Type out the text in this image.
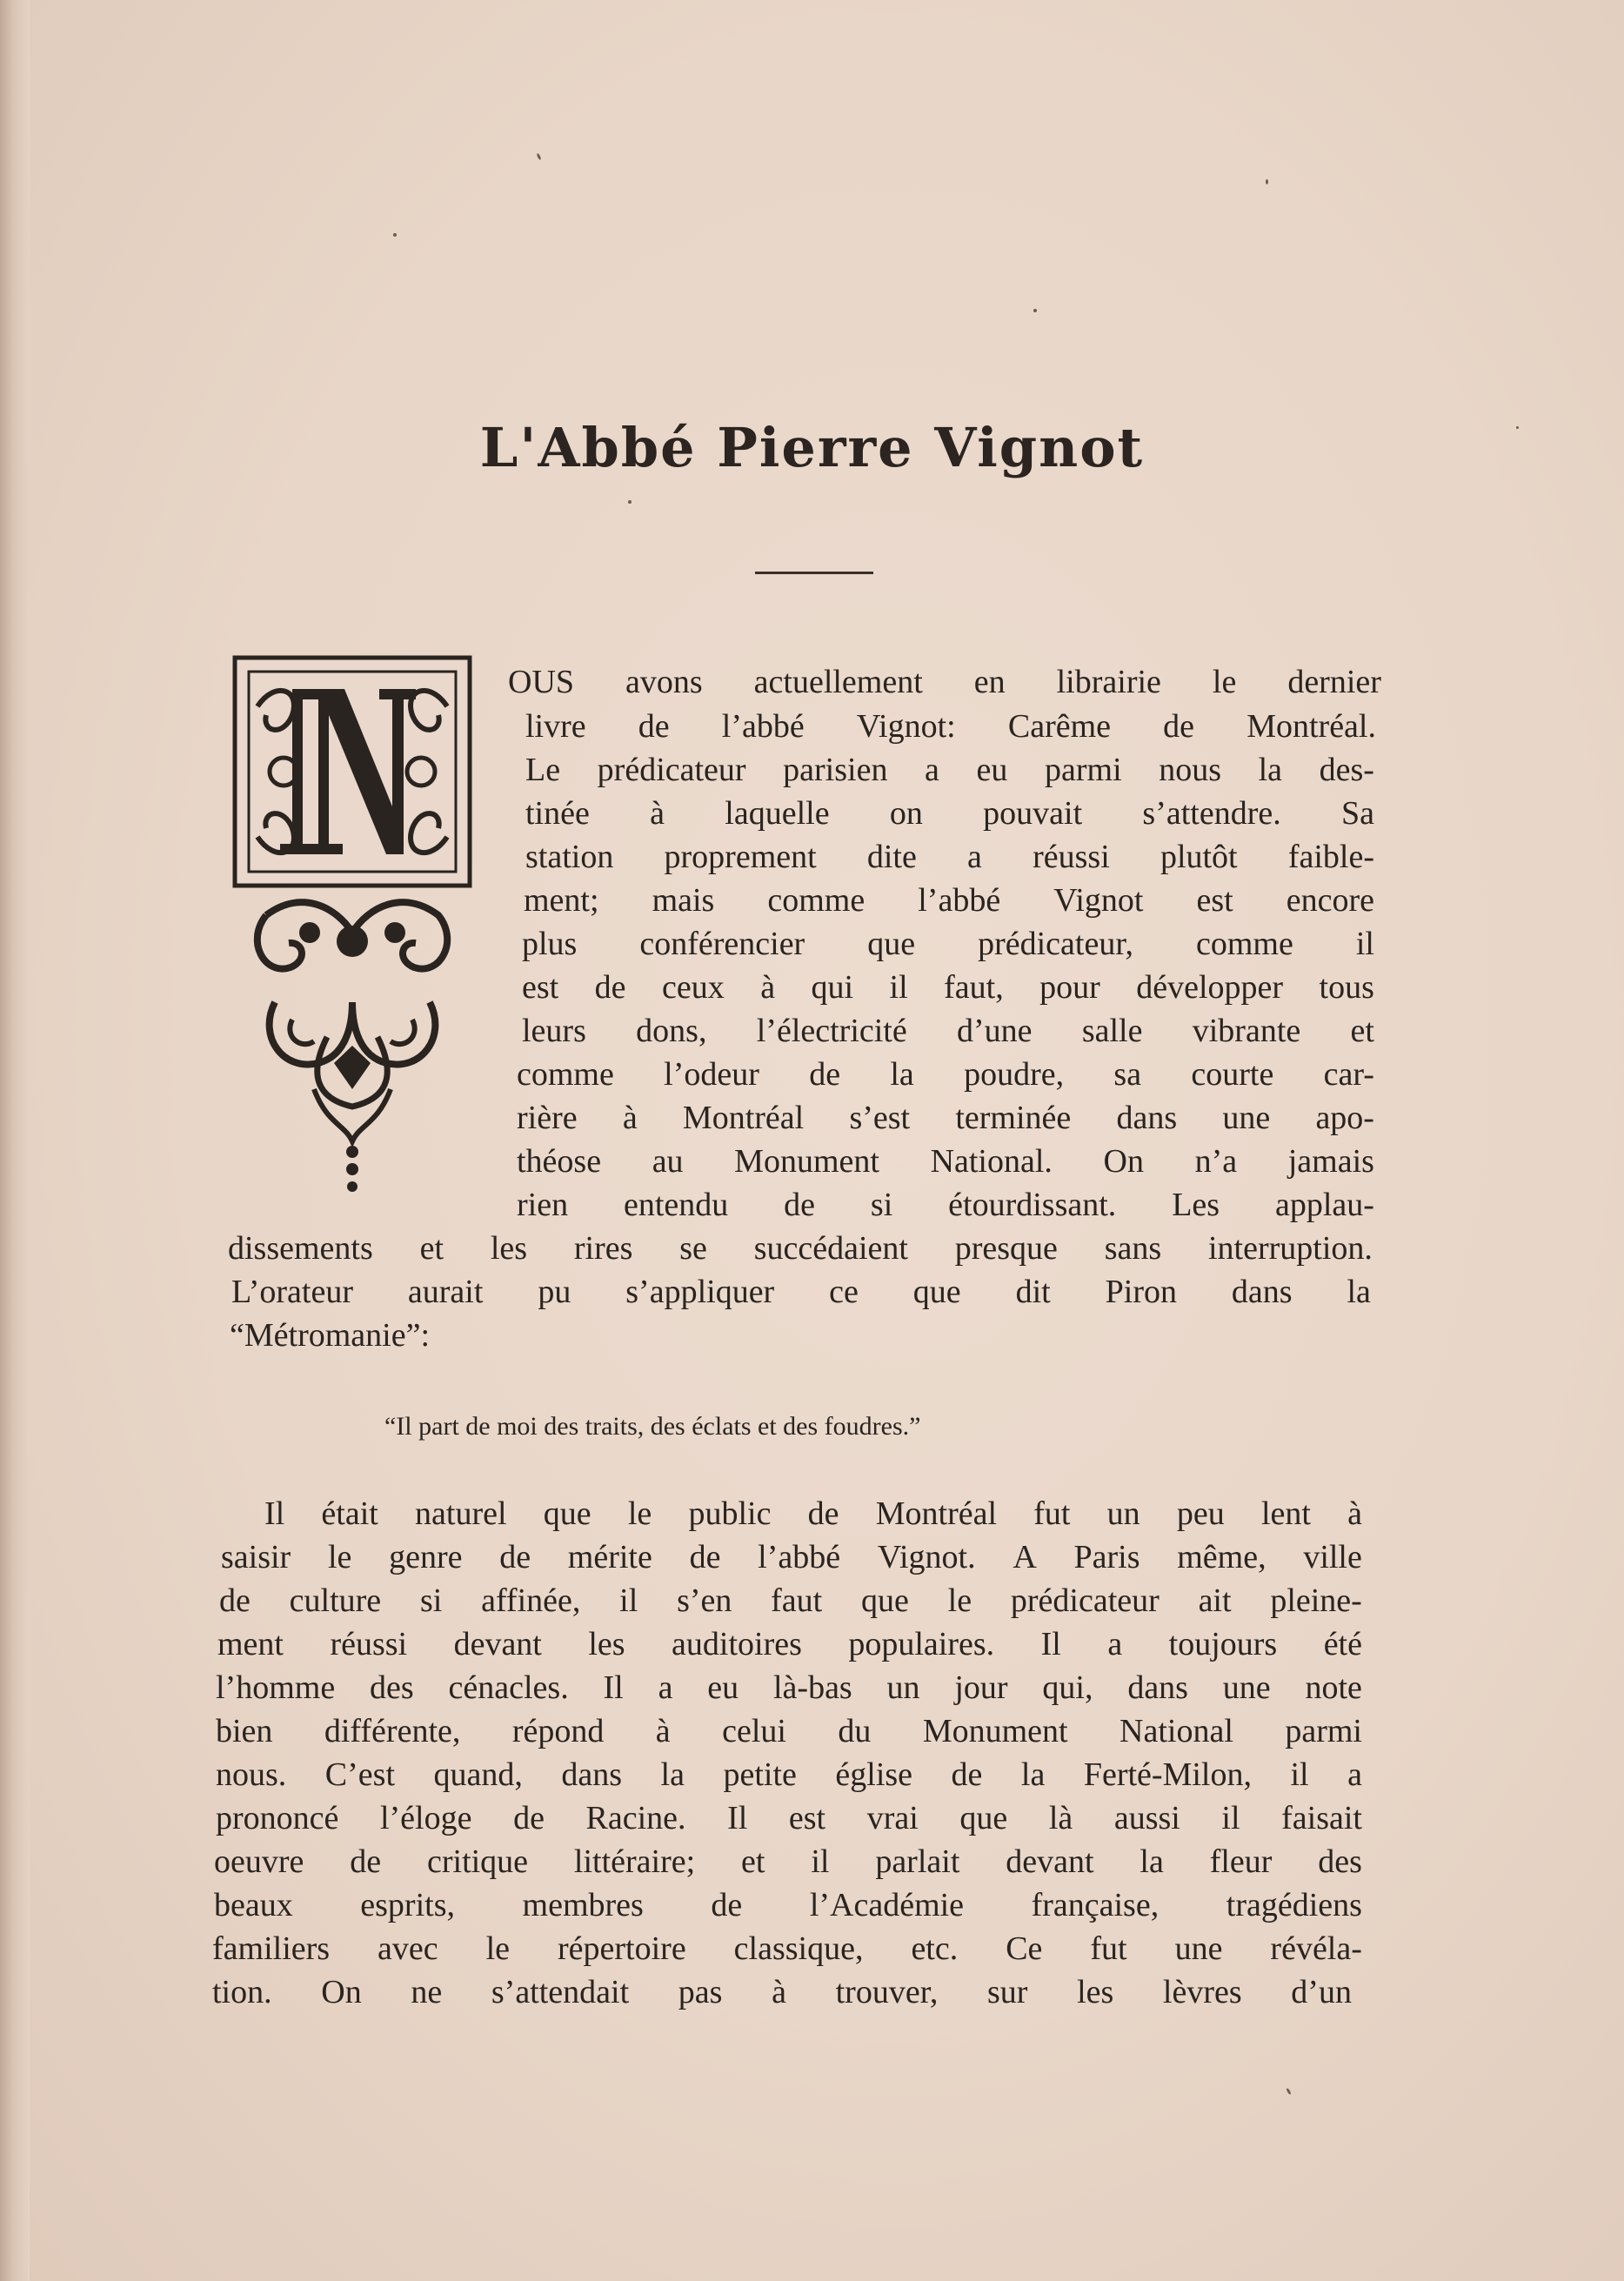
L'Abbé Pierre Vignot
OUS avons actuellement en librairie le dernier
livre de l’abbé Vignot: Carême de Montréal.
Le prédicateur parisien a eu parmi nous la des-
tinée à laquelle on pouvait s’attendre. Sa
station proprement dite a réussi plutôt faible-
ment; mais comme l’abbé Vignot est encore
plus conférencier que prédicateur, comme il
est de ceux à qui il faut, pour développer tous
leurs dons, l’électricité d’une salle vibrante et
comme l’odeur de la poudre, sa courte car-
rière à Montréal s’est terminée dans une apo-
théose au Monument National. On n’a jamais
rien entendu de si étourdissant. Les applau-
dissements et les rires se succédaient presque sans interruption.
L’orateur aurait pu s’appliquer ce que dit Piron dans la
“Métromanie”:
“Il part de moi des traits, des éclats et des foudres.”
Il était naturel que le public de Montréal fut un peu lent à
saisir le genre de mérite de l’abbé Vignot. A Paris même, ville
de culture si affinée, il s’en faut que le prédicateur ait pleine-
ment réussi devant les auditoires populaires. Il a toujours été
l’homme des cénacles. Il a eu là-bas un jour qui, dans une note
bien différente, répond à celui du Monument National parmi
nous. C’est quand, dans la petite église de la Ferté-Milon, il a
prononcé l’éloge de Racine. Il est vrai que là aussi il faisait
oeuvre de critique littéraire; et il parlait devant la fleur des
beaux esprits, membres de l’Académie française, tragédiens
familiers avec le répertoire classique, etc. Ce fut une révéla-
tion. On ne s’attendait pas à trouver, sur les lèvres d’un
